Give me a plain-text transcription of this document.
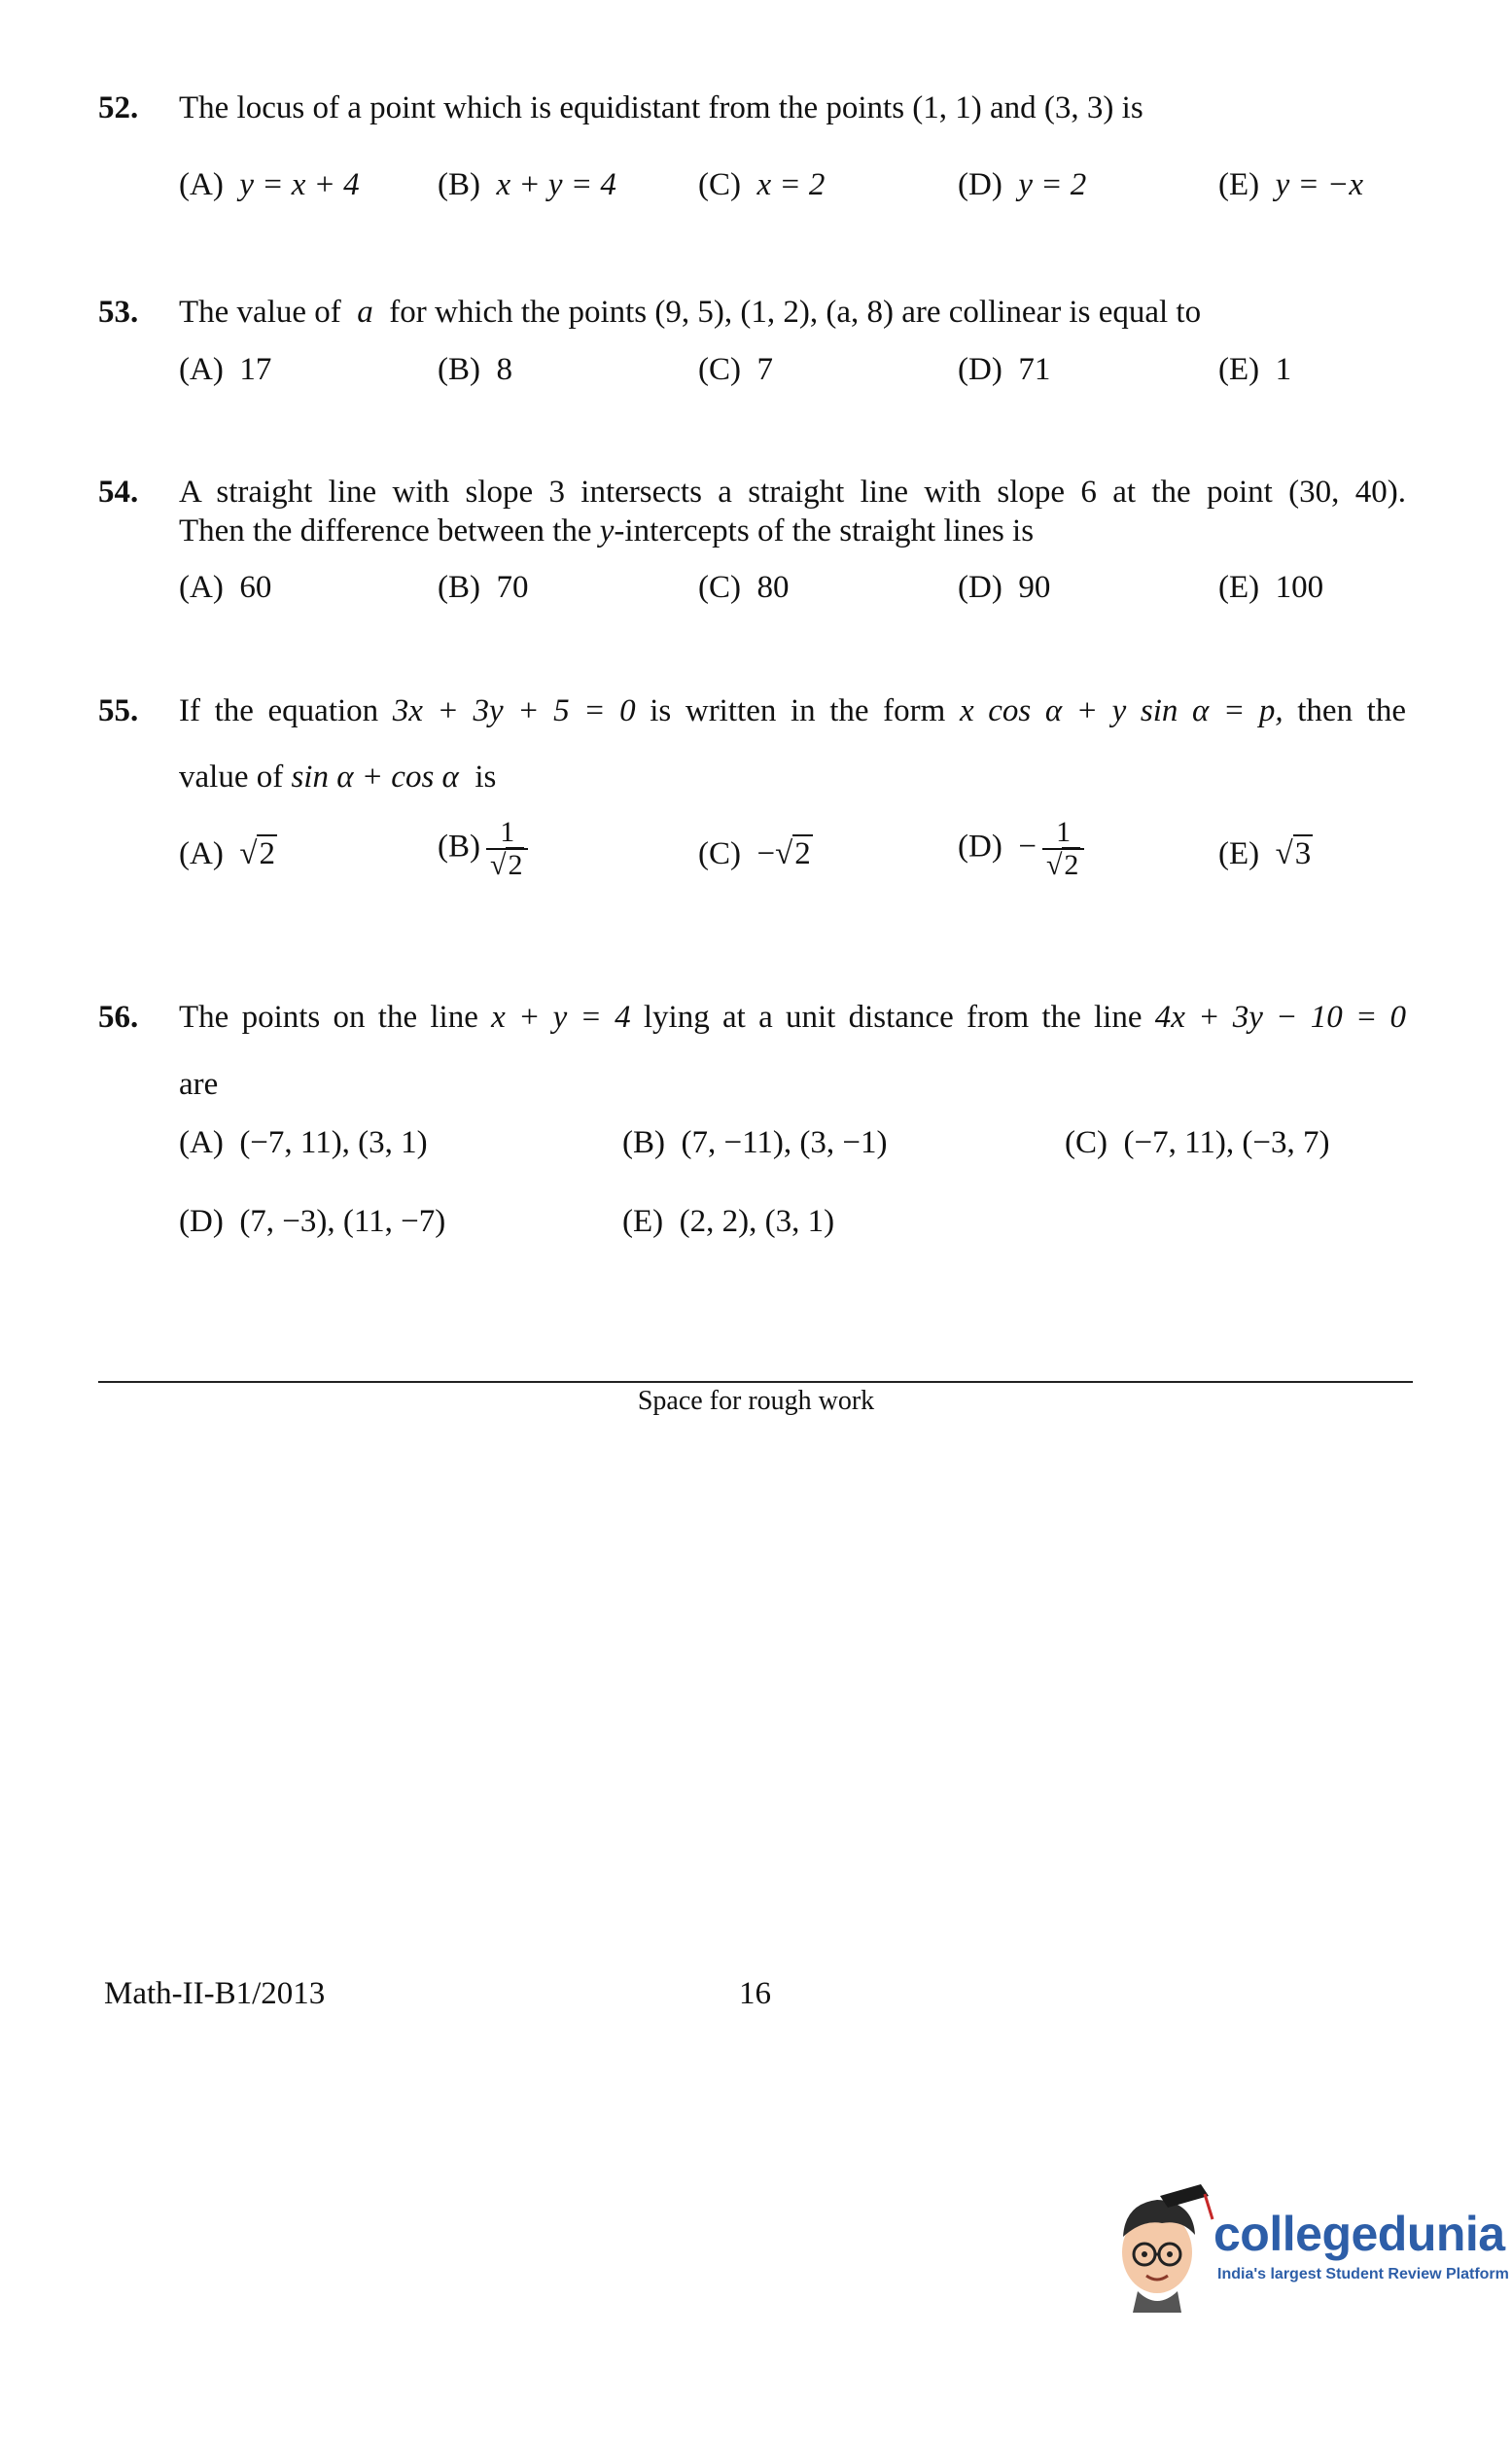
52. The locus of a point which is equidistant from the points (1, 1) and (3, 3) is
(A) y = x + 4 (B) x + y = 4	(C) x = 2	(D) y = 2	(E) y = −x
53. The value of a for which the points (9, 5), (1, 2), (a, 8) are collinear is equal to
(A) 17	(B) 8	(C) 7	(D) 71	(E) 1
54. A straight line with slope 3 intersects a straight line with slope 6 at the point (30, 40).
Then the difference between the y-intercepts of the straight lines is
(A) 60	(B) 70	(C) 80	(D) 90	(E) 100
55. If the equation 3x + 3y + 5 = 0 is written in the form x cos α + y sin α = p, then the
value of sin α + cos α is
(A) √2	$(B) \frac{1}{√2}$	(C) −√2	$(D) - \frac{1}{√2}$	(E) √3
56. The points on the line x + y = 4 lying at a unit distance from the line 4x + 3y − 10 = 0
are
(A) (−7, 11), (3, 1)	(B) (7, −11), (3, −1)	(C) (−7, 11), (−3, 7)
(D) (7, −3), (11, −7)	(E) (2, 2), (3, 1)
Space for rough work
Math-II-B1/2013	16
collegedunia
India's largest Student Review Platform
